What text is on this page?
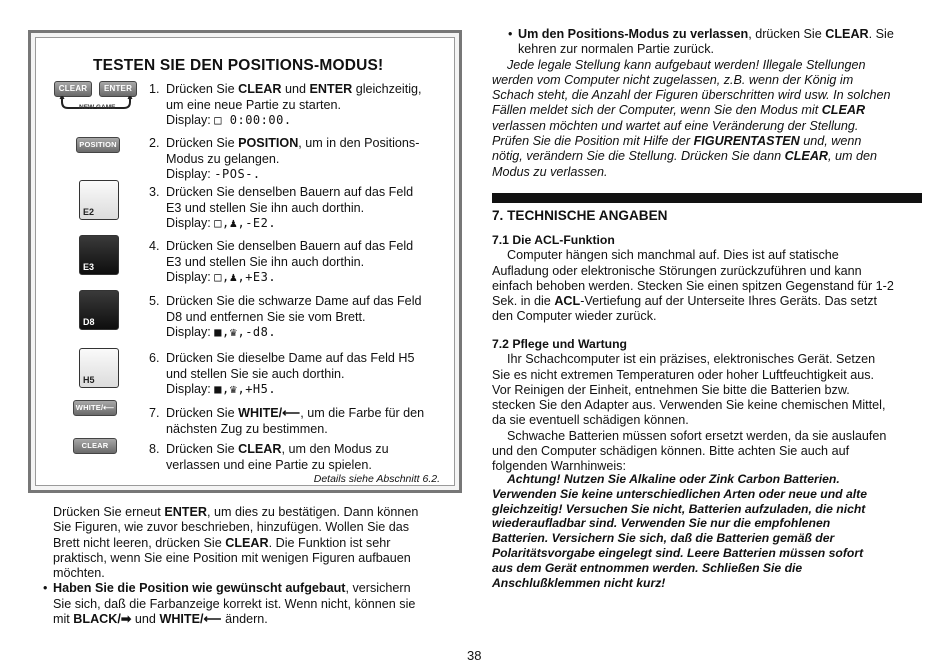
TESTEN SIE DEN POSITIONS-MODUS!
CLEAR	ENTER
NEW GAME
POSITION
E2
E3
D8
H5
WHITE/⟵
CLEAR
1. Drücken Sie CLEAR und ENTER gleichzeitig,
um eine neue Partie zu starten.
Display: □ 0:00:00.
2. Drücken Sie POSITION, um in den Positions-
Modus zu gelangen.
Display: -POS-.
3. Drücken Sie denselben Bauern auf das Feld
E3 und stellen Sie ihn auch dorthin.
Display: □,♟,-E2.
4. Drücken Sie denselben Bauern auf das Feld
E3 und stellen Sie ihn auch dorthin.
Display: □,♟,+E3.
5. Drücken Sie die schwarze Dame auf das Feld
D8 und entfernen Sie sie vom Brett.
Display: ■,♛,-d8.
6. Drücken Sie dieselbe Dame auf das Feld H5
und stellen Sie sie auch dorthin.
Display: ■,♛,+H5.
7. Drücken Sie WHITE/⟵, um die Farbe für den
nächsten Zug zu bestimmen.
8. Drücken Sie CLEAR, um den Modus zu
verlassen und eine Partie zu spielen.
Details siehe Abschnitt 6.2.
Drücken Sie erneut ENTER, um dies zu bestätigen. Dann können
Sie Figuren, wie zuvor beschrieben, hinzufügen. Wollen Sie das
Brett nicht leeren, drücken Sie CLEAR. Die Funktion ist sehr
praktisch, wenn Sie eine Position mit wenigen Figuren aufbauen
möchten.
• Haben Sie die Position wie gewünscht aufgebaut, versichern
Sie sich, daß die Farbanzeige korrekt ist. Wenn nicht, können sie
mit BLACK/➡ und WHITE/⟵ ändern.
• Um den Positions-Modus zu verlassen, drücken Sie CLEAR. Sie
kehren zur normalen Partie zurück.
Jede legale Stellung kann aufgebaut werden! Illegale Stellungen
werden vom Computer nicht zugelassen, z.B. wenn der König im
Schach steht, die Anzahl der Figuren überschritten wird usw. In solchen
Fällen meldet sich der Computer, wenn Sie den Modus mit CLEAR
verlassen möchten und wartet auf eine Veränderung der Stellung.
Prüfen Sie die Position mit Hilfe der FIGURENTASTEN und, wenn
nötig, verändern Sie die Stellung. Drücken Sie dann CLEAR, um den
Modus zu verlassen.
7. TECHNISCHE ANGABEN
7.1 Die ACL-Funktion
Computer hängen sich manchmal auf. Dies ist auf statische
Aufladung oder elektronische Störungen zurückzuführen und kann
einfach behoben werden. Stecken Sie einen spitzen Gegenstand für 1-2
Sek. in die ACL-Vertiefung auf der Unterseite Ihres Geräts. Das setzt
den Computer wieder zurück.
7.2 Pflege und Wartung
Ihr Schachcomputer ist ein präzises, elektronisches Gerät. Setzen
Sie es nicht extremen Temperaturen oder hoher Luftfeuchtigkeit aus.
Vor Reinigen der Einheit, entnehmen Sie bitte die Batterien bzw.
stecken Sie den Adapter aus. Verwenden Sie keine chemischen Mittel,
da sie eventuell schädigen können.
Schwache Batterien müssen sofort ersetzt werden, da sie auslaufen
und den Computer schädigen können. Bitte achten Sie auch auf
folgenden Warnhinweis:
Achtung! Nutzen Sie Alkaline oder Zink Carbon Batterien.
Verwenden Sie keine unterschiedlichen Arten oder neue und alte
gleichzeitig! Versuchen Sie nicht, Batterien aufzuladen, die nicht
wiederaufladbar sind. Verwenden Sie nur die empfohlenen
Batterien. Versichern Sie sich, daß die Batterien gemäß der
Polaritätsvorgabe eingelegt sind. Leere Batterien müssen sofort
aus dem Gerät entnommen werden. Schließen Sie die
Anschlußklemmen nicht kurz!
38
